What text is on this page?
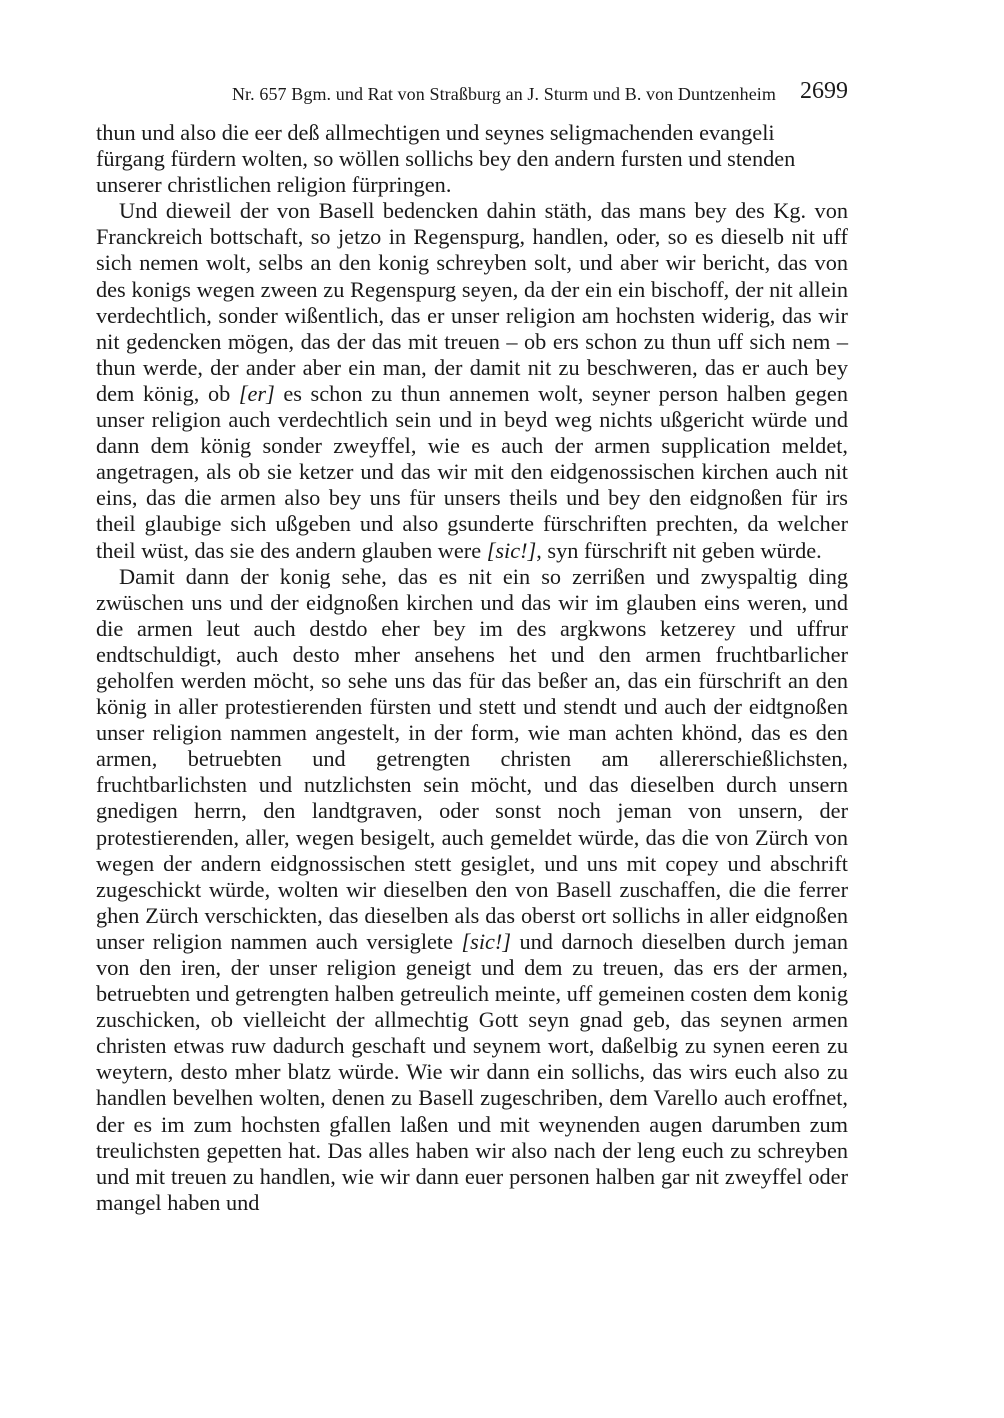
Nr. 657 Bgm. und Rat von Straßburg an J. Sturm und B. von Duntzenheim 2699

thun und also die eer deß allmechtigen und seynes seligmachenden evangeli fürgang fürdern wolten, so wöllen sollichs bey den andern fursten und stenden unserer christlichen religion fürpringen.

Und dieweil der von Basell bedencken dahin stäth, das mans bey des Kg. von Franckreich bottschaft, so jetzo in Regenspurg, handlen, oder, so es dieselb nit uff sich nemen wolt, selbs an den konig schreyben solt, und aber wir bericht, das von des konigs wegen zween zu Regenspurg seyen, da der ein ein bischoff, der nit allein verdechtlich, sonder wißentlich, das er unser religion am hochsten widerig, das wir nit gedencken mögen, das der das mit treuen – ob ers schon zu thun uff sich nem – thun werde, der ander aber ein man, der damit nit zu beschweren, das er auch bey dem könig, ob [er] es schon zu thun annemen wolt, seyner person halben gegen unser religion auch verdechtlich sein und in beyd weg nichts ußgericht würde und dann dem könig sonder zweyffel, wie es auch der armen supplication meldet, angetragen, als ob sie ketzer und das wir mit den eidgenossischen kirchen auch nit eins, das die armen also bey uns für unsers theils und bey den eidgnoßen für irs theil glaubige sich ußgeben und also gsunderte fürschriften prechten, da welcher theil wüst, das sie des andern glauben were [sic!], syn fürschrift nit geben würde.

Damit dann der konig sehe, das es nit ein so zerrißen und zwyspaltig ding zwüschen uns und der eidgnoßen kirchen und das wir im glauben eins weren, und die armen leut auch destdo eher bey im des argkwons ketzerey und uffrur endtschuldigt, auch desto mher ansehens het und den armen fruchtbarlicher geholfen werden möcht, so sehe uns das für das beßer an, das ein fürschrift an den könig in aller protestierenden fürsten und stett und stendt und auch der eidtgnoßen unser religion nammen angestelt, in der form, wie man achten khönd, das es den armen, betruebten und getrengten christen am allererschießlichsten, fruchtbarlichsten und nutzlichsten sein möcht, und das dieselben durch unsern gnedigen herrn, den landtgraven, oder sonst noch jeman von unsern, der protestierenden, aller, wegen besigelt, auch gemeldet würde, das die von Zürch von wegen der andern eidgnossischen stett gesiglet, und uns mit copey und abschrift zugeschickt würde, wolten wir dieselben den von Basell zuschaffen, die die ferrer ghen Zürch verschickten, das dieselben als das oberst ort sollichs in aller eidgnoßen unser religion nammen auch versiglete [sic!] und darnoch dieselben durch jeman von den iren, der unser religion geneigt und dem zu treuen, das ers der armen, betruebten und getrengten halben getreulich meinte, uff gemeinen costen dem konig zuschicken, ob vielleicht der allmechtig Gott seyn gnad geb, das seynen armen christen etwas ruw dadurch geschaft und seynem wort, daßelbig zu synen eeren zu weytern, desto mher blatz würde. Wie wir dann ein sollichs, das wirs euch also zu handlen bevelhen wolten, denen zu Basell zugeschriben, dem Varello auch eroffnet, der es im zum hochsten gfallen laßen und mit weynenden augen darumben zum treulichsten gepetten hat. Das alles haben wir also nach der leng euch zu schreyben und mit treuen zu handlen, wie wir dann euer personen halben gar nit zweyffel oder mangel haben und
